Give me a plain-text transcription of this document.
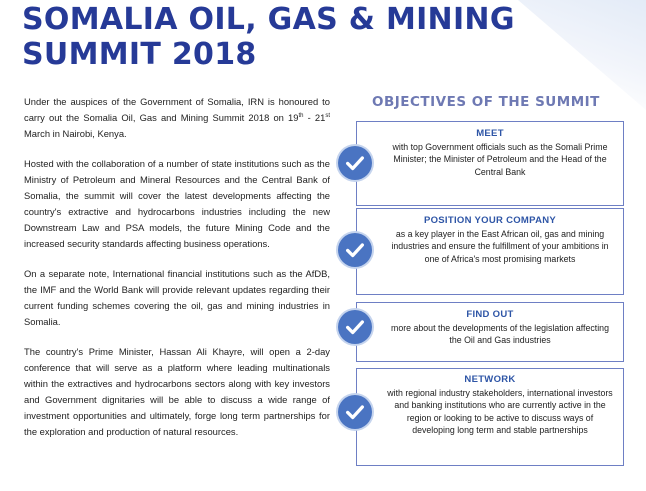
SOMALIA OIL, GAS & MINING
SUMMIT 2018

Under the auspices of the Government of Somalia, IRN is honoured to carry out the Somalia Oil, Gas and Mining Summit 2018 on 19th - 21st March in Nairobi, Kenya.

Hosted with the collaboration of a number of state institutions such as the Ministry of Petroleum and Mineral Resources and the Central Bank of Somalia, the summit will cover the latest developments affecting the country's extractive and hydrocarbons industries including the new Downstream Law and PSA models, the future Mining Code and the increased security standards affecting business operations.

On a separate note, International financial institutions such as the AfDB, the IMF and the World Bank will provide relevant updates regarding their current funding schemes covering the oil, gas and mining industries in Somalia.

The country's Prime Minister, Hassan Ali Khayre, will open a 2-day conference that will serve as a platform where leading multinationals within the extractives and hydrocarbons sectors along with key investors and Government dignitaries will be able to discuss a wide range of investment opportunities and ultimately, forge long term partnerships for the exploration and production of natural resources.

OBJECTIVES OF THE SUMMIT
MEET
with top Government officials such as the Somali Prime Minister; the Minister of Petroleum and the Head of the Central Bank
POSITION YOUR COMPANY
as a key player in the East African oil, gas and mining industries and ensure the fulfillment of your ambitions in one of Africa's most promising markets
FIND OUT
more about the developments of the legislation affecting the Oil and Gas industries
NETWORK
with regional industry stakeholders, international investors and banking institutions who are currently active in the region or looking to be active to discuss ways of developing long term and stable partnerships
